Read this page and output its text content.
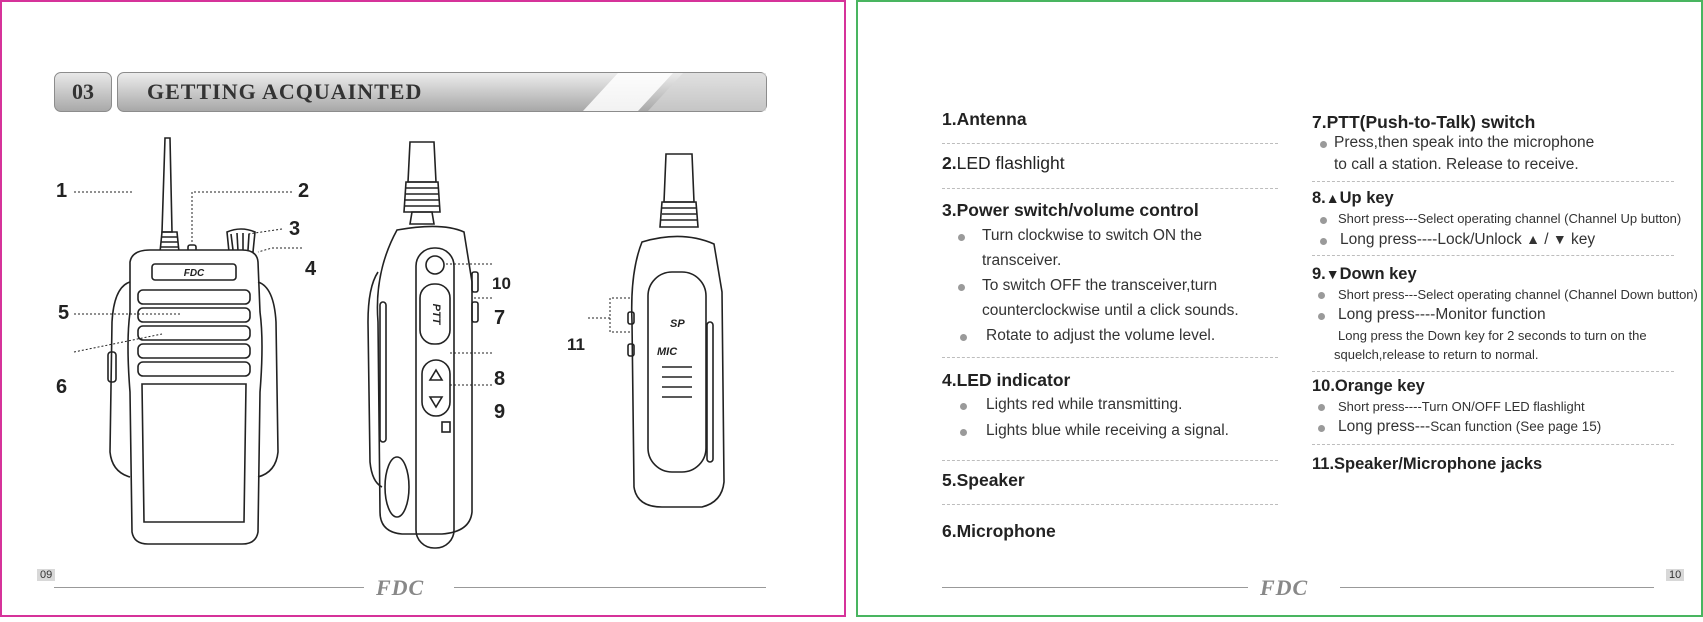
03	GETTING ACQUAINTED
FDC
PTT	SP
MIC
1	2
3
4
5
6
7
8
9
10
11
09	FDC
1.Antenna
2.LED flashlight
3.Power switch/volume control
Turn clockwise to switch ON the
transceiver.
To switch OFF the transceiver,turn
counterclockwise until a click sounds.
Rotate to adjust the volume level.
4.LED indicator
Lights red while transmitting.
Lights blue while receiving a signal.
5.Speaker
6.Microphone
7.PTT(Push-to-Talk) switch
Press,then speak into the microphone
to call a station. Release to receive.
8.▲Up key
Short press---Select operating channel (Channel Up button)
Long press----Lock/Unlock ▲ / ▼ key
9.▼Down key
Short press---Select operating channel (Channel Down button)
Long press----Monitor function
Long press the Down key for 2 seconds to turn on the
squelch,release to return to normal.
10.Orange key
Short press----Turn ON/OFF LED flashlight
Long press---Scan function (See page 15)
11.Speaker/Microphone jacks
FDC	10
